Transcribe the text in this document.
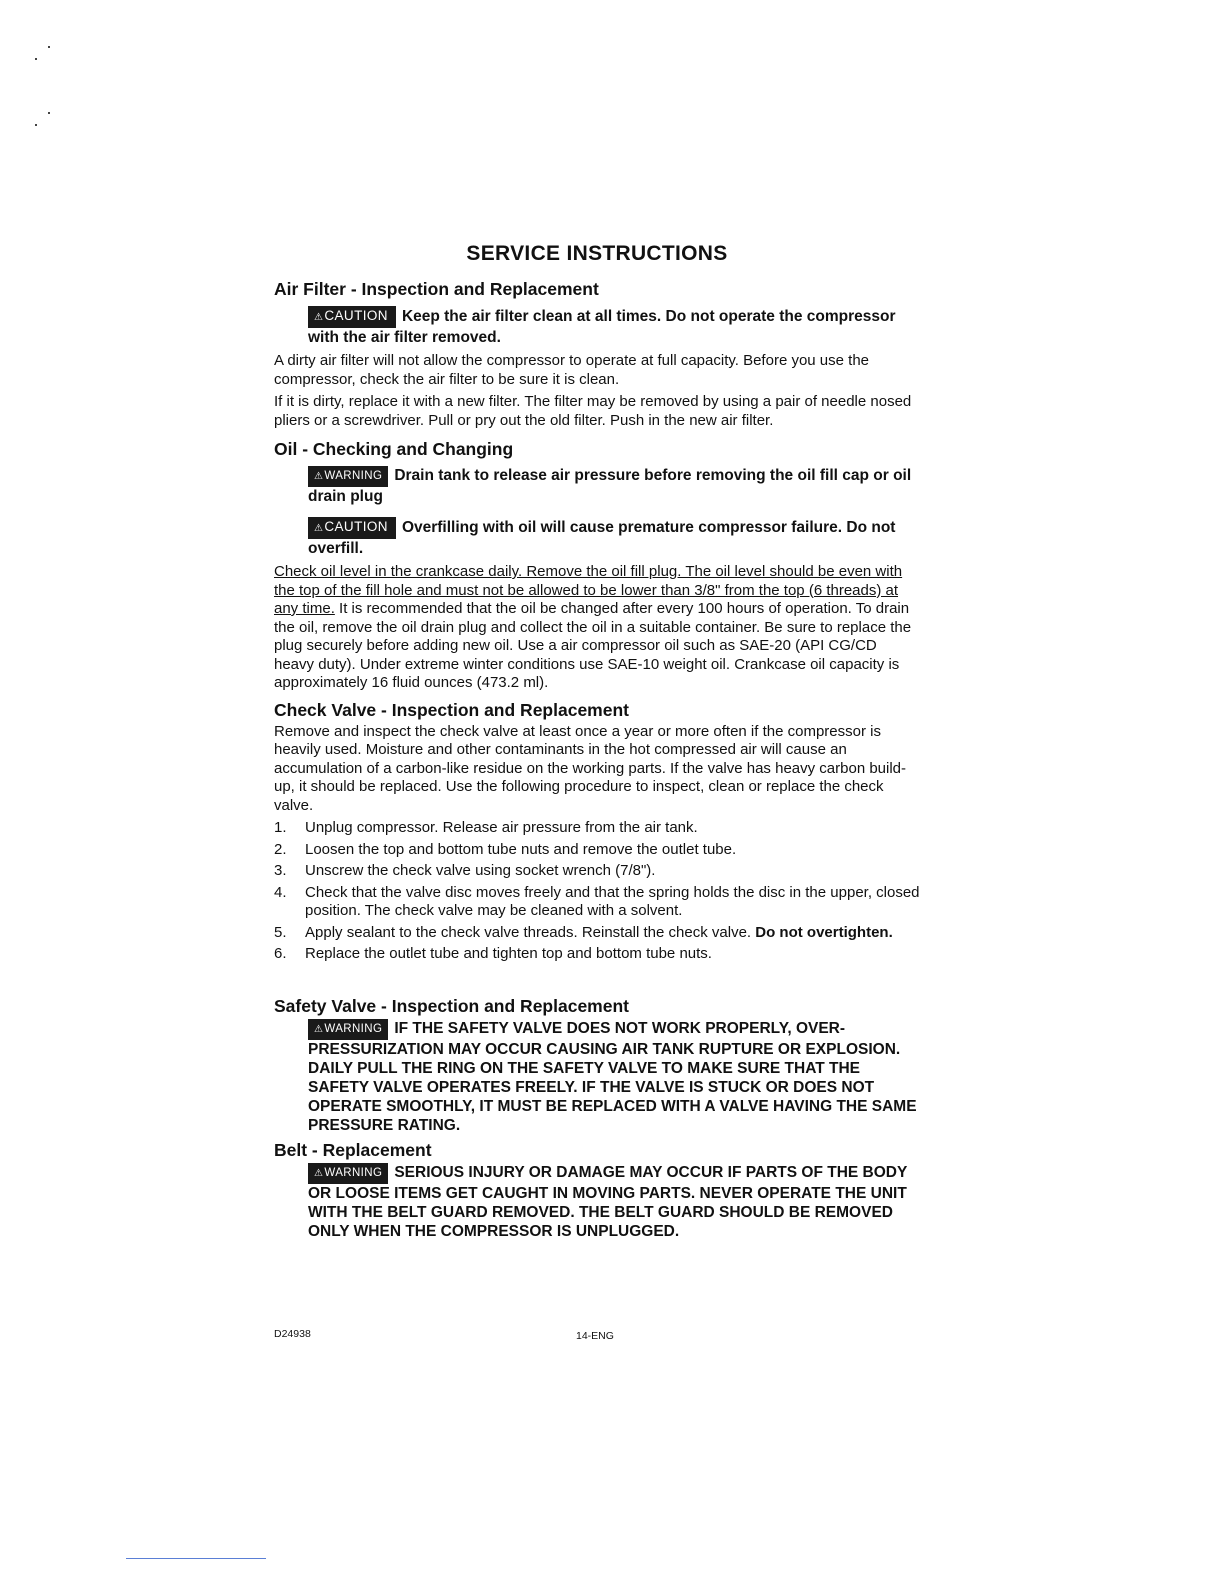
SERVICE INSTRUCTIONS
Air Filter - Inspection and Replacement
⚠CAUTION Keep the air filter clean at all times. Do not operate the compressor with the air filter removed.
A dirty air filter will not allow the compressor to operate at full capacity. Before you use the compressor, check the air filter to be sure it is clean.
If it is dirty, replace it with a new filter. The filter may be removed by using a pair of needle nosed pliers or a screwdriver. Pull or pry out the old filter. Push in the new air filter.
Oil - Checking and Changing
⚠WARNING Drain tank to release air pressure before removing the oil fill cap or oil drain plug
⚠CAUTION Overfilling with oil will cause premature compressor failure. Do not overfill.
Check oil level in the crankcase daily. Remove the oil fill plug. The oil level should be even with the top of the fill hole and must not be allowed to be lower than 3/8" from the top (6 threads) at any time. It is recommended that the oil be changed after every 100 hours of operation. To drain the oil, remove the oil drain plug and collect the oil in a suitable container. Be sure to replace the plug securely before adding new oil. Use a air compressor oil such as SAE-20 (API CG/CD heavy duty). Under extreme winter conditions use SAE-10 weight oil. Crankcase oil capacity is approximately 16 fluid ounces (473.2 ml).
Check Valve - Inspection and Replacement
Remove and inspect the check valve at least once a year or more often if the compressor is heavily used. Moisture and other contaminants in the hot compressed air will cause an accumulation of a carbon-like residue on the working parts. If the valve has heavy carbon build-up, it should be replaced. Use the following procedure to inspect, clean or replace the check valve.
1.	Unplug compressor. Release air pressure from the air tank.
2.	Loosen the top and bottom tube nuts and remove the outlet tube.
3.	Unscrew the check valve using socket wrench (7/8").
4.	Check that the valve disc moves freely and that the spring holds the disc in the upper, closed position. The check valve may be cleaned with a solvent.
5.	Apply sealant to the check valve threads. Reinstall the check valve. Do not overtighten.
6.	Replace the outlet tube and tighten top and bottom tube nuts.
Safety Valve - Inspection and Replacement
⚠WARNING IF THE SAFETY VALVE DOES NOT WORK PROPERLY, OVER-PRESSURIZATION MAY OCCUR CAUSING AIR TANK RUPTURE OR EXPLOSION. DAILY PULL THE RING ON THE SAFETY VALVE TO MAKE SURE THAT THE SAFETY VALVE OPERATES FREELY. IF THE VALVE IS STUCK OR DOES NOT OPERATE SMOOTHLY, IT MUST BE REPLACED WITH A VALVE HAVING THE SAME PRESSURE RATING.
Belt - Replacement
⚠WARNING SERIOUS INJURY OR DAMAGE MAY OCCUR IF PARTS OF THE BODY OR LOOSE ITEMS GET CAUGHT IN MOVING PARTS. NEVER OPERATE THE UNIT WITH THE BELT GUARD REMOVED. THE BELT GUARD SHOULD BE REMOVED ONLY WHEN THE COMPRESSOR IS UNPLUGGED.
D24938	14-ENG
